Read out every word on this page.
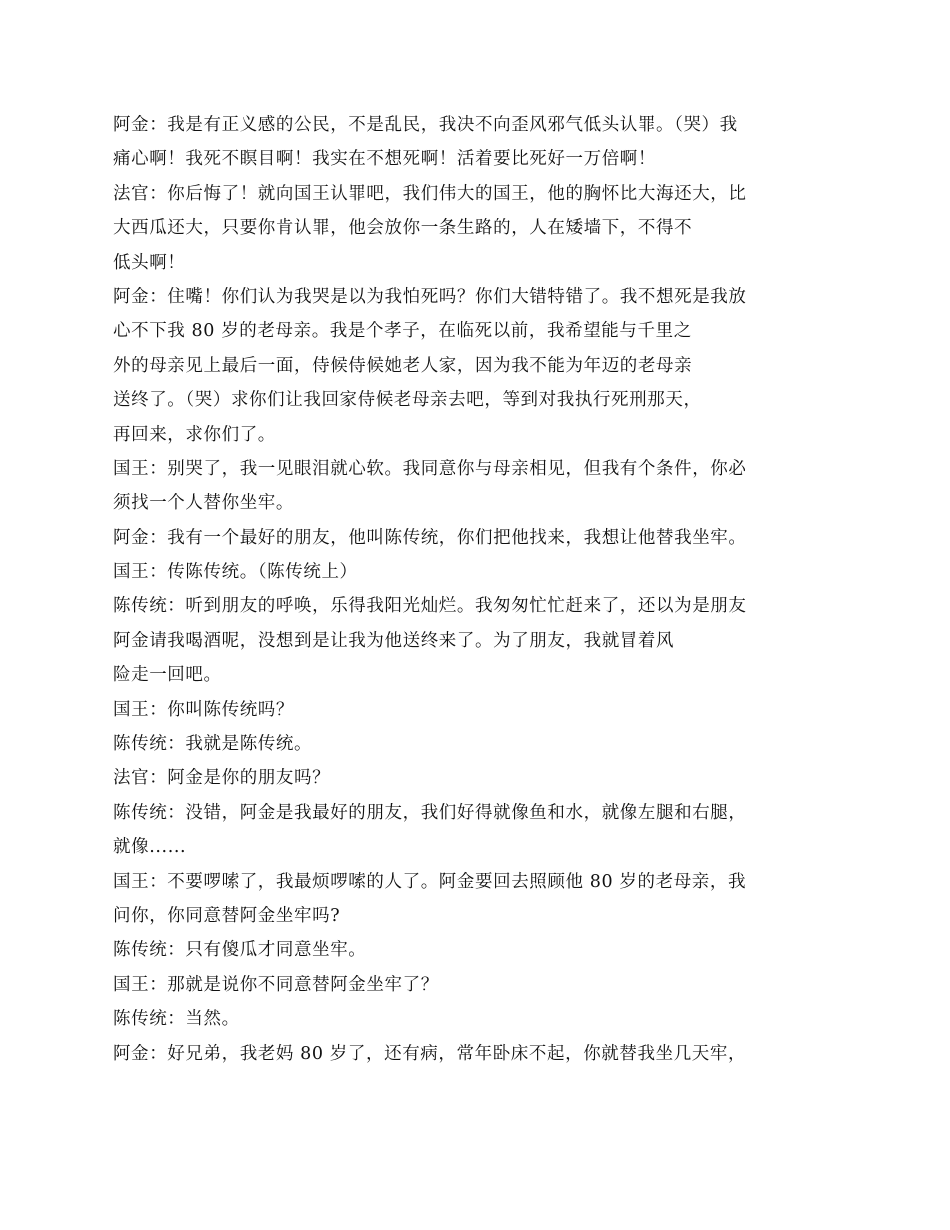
阿金：我是有正义感的公民，不是乱民，我决不向歪风邪气低头认罪。（哭）我
痛心啊！我死不瞑目啊！我实在不想死啊！活着要比死好一万倍啊！
法官：你后悔了！就向国王认罪吧，我们伟大的国王，他的胸怀比大海还大，比
大西瓜还大，只要你肯认罪，他会放你一条生路的，人在矮墙下，不得不
低头啊！
阿金：住嘴！你们认为我哭是以为我怕死吗？你们大错特错了。我不想死是我放
心不下我 80 岁的老母亲。我是个孝子，在临死以前，我希望能与千里之
外的母亲见上最后一面，侍候侍候她老人家，因为我不能为年迈的老母亲
送终了。（哭）求你们让我回家侍候老母亲去吧，等到对我执行死刑那天，
再回来，求你们了。
国王：别哭了，我一见眼泪就心软。我同意你与母亲相见，但我有个条件，你必
须找一个人替你坐牢。
阿金：我有一个最好的朋友，他叫陈传统，你们把他找来，我想让他替我坐牢。
国王：传陈传统。（陈传统上）
陈传统：听到朋友的呼唤，乐得我阳光灿烂。我匆匆忙忙赶来了，还以为是朋友
阿金请我喝酒呢，没想到是让我为他送终来了。为了朋友，我就冒着风
险走一回吧。
国王：你叫陈传统吗？
陈传统：我就是陈传统。
法官：阿金是你的朋友吗？
陈传统：没错，阿金是我最好的朋友，我们好得就像鱼和水，就像左腿和右腿，
就像......
国王：不要啰嗦了，我最烦啰嗦的人了。阿金要回去照顾他 80 岁的老母亲，我
问你，你同意替阿金坐牢吗?
陈传统：只有傻瓜才同意坐牢。
国王：那就是说你不同意替阿金坐牢了？
陈传统：当然。
阿金：好兄弟，我老妈 80 岁了，还有病，常年卧床不起，你就替我坐几天牢，
